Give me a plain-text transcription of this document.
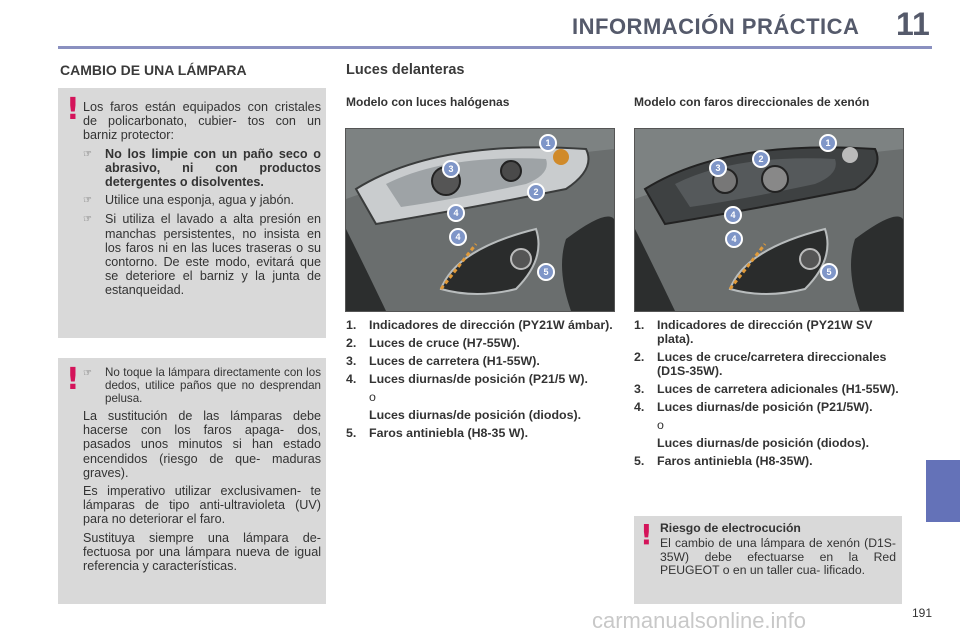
INFORMACIÓN PRÁCTICA 11
CAMBIO DE UNA LÁMPARA
! Los faros están equipados con cristales de policarbonato, cubier- tos con un barniz protector:

☞	No los limpie con un paño seco o abrasivo, ni con productos detergentes o disolventes.
☞	Utilice una esponja, agua y jabón.
☞	Si utiliza el lavado a alta presión en manchas persistentes, no insista en los faros ni en las luces traseras o su contorno. De este modo, evitará que se deteriore el barniz y la junta de estanqueidad.
! ☞	No toque la lámpara directamente con los dedos, utilice paños que no desprendan pelusa.

La sustitución de las lámparas debe hacerse con los faros apaga- dos, pasados unos minutos si han estado encendidos (riesgo de que- maduras graves).

Es imperativo utilizar exclusivamen- te lámparas de tipo anti-ultravioleta (UV) para no deteriorar el faro.

Sustituya siempre una lámpara de- fectuosa por una lámpara nueva de igual referencia y características.

Luces delanteras
Modelo con luces halógenas
1
2
3
4
4
5
1.	Indicadores de dirección (PY21W ámbar).
2.	Luces de cruce (H7-55W).
3.	Luces de carretera (H1-55W).
4.	Luces diurnas/de posición (P21/5 W).
o
Luces diurnas/de posición (diodos).
5.	Faros antiniebla (H8-35 W).
Modelo con faros direccionales de xenón
1
2
3
4
4
5
1.	Indicadores de dirección (PY21W SV plata).
2.	Luces de cruce/carretera direccionales (D1S-35W).
3.	Luces de carretera adicionales (H1-55W).
4.	Luces diurnas/de posición (P21/5W).
o
Luces diurnas/de posición (diodos).
5.	Faros antiniebla (H8-35W).
! Riesgo de electrocución

El cambio de una lámpara de xenón (D1S-35W) debe efectuarse en la Red PEUGEOT o en un taller cua- lificado.

carmanualsonline.info	191
